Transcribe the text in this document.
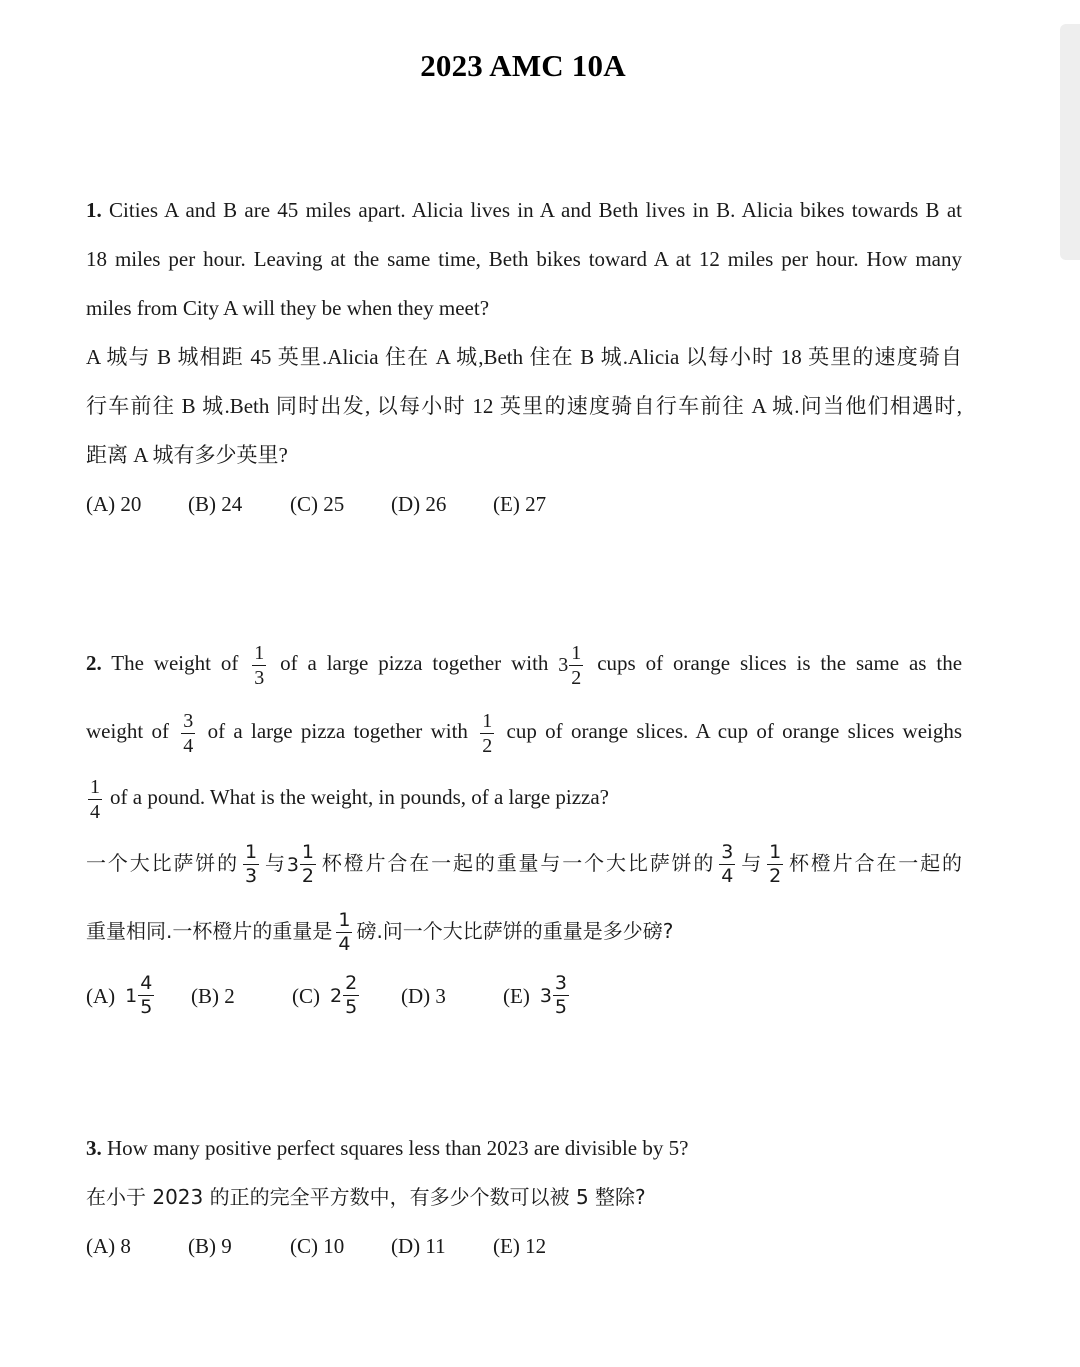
2023 AMC 10A

1. Cities A and B are 45 miles apart. Alicia lives in A and Beth lives in B. Alicia bikes towards B at

18 miles per hour. Leaving at the same time, Beth bikes toward A at 12 miles per hour. How many

miles from City A will they be when they meet?

A 城与 B 城相距 45 英里.Alicia 住在 A 城,Beth 住在 B 城.Alicia 以每小时 18 英里的速度骑自

行车前往 B 城.Beth 同时出发, 以每小时 12 英里的速度骑自行车前往 A 城.问当他们相遇时,

距离 A 城有多少英里?

(A) 20	(B) 24	(C) 25	(D) 26	(E) 27

2. The weight of $\frac{1}{3}$ of a large pizza together with $3 \frac{1}{2}$ cups of orange slices is the same as the

weight of $\frac{3}{4}$ of a large pizza together with $\frac{1}{2}$ cup of orange slices. A cup of orange slices weighs

$\frac{1}{4}$ of a pound. What is the weight, in pounds, of a large pizza?

一个大比萨饼的 $\frac{1}{3}$ 与 $3 \frac{1}{2}$ 杯橙片合在一起的重量与一个大比萨饼的 $\frac{3}{4}$ 与 $\frac{1}{2}$ 杯橙片合在一起的

重量相同.一杯橙片的重量是 $\frac{1}{4}$ 磅.问一个大比萨饼的重量是多少磅?

(A) $1 \frac{4}{5} (B)$ 2	(C) $2 \frac{2}{5} (D)$ 3	(E) $3 \frac{3}{5}$

3. How many positive perfect squares less than 2023 are divisible by 5?

在小于 2023 的正的完全平方数中，有多少个数可以被 5 整除?

(A) 8	(B) 9	(C) 10	(D) 11	(E) 12
